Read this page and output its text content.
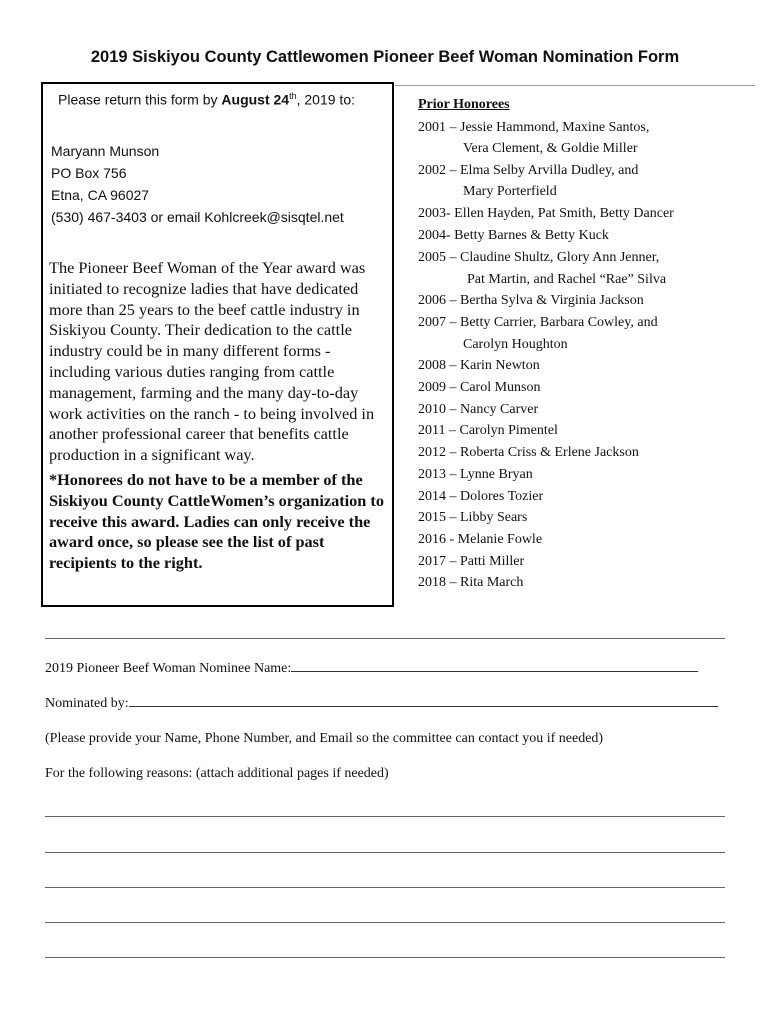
2019 Siskiyou County Cattlewomen Pioneer Beef Woman Nomination Form
Please return this form by August 24th, 2019 to:
Maryann Munson
PO Box 756
Etna, CA 96027
(530) 467-3403 or email Kohlcreek@sisqtel.net
The Pioneer Beef Woman of the Year award was initiated to recognize ladies that have dedicated more than 25 years to the beef cattle industry in Siskiyou County. Their dedication to the cattle industry could be in many different forms - including various duties ranging from cattle management, farming and the many day-to-day work activities on the ranch - to being involved in another professional career that benefits cattle production in a significant way.
*Honorees do not have to be a member of the Siskiyou County CattleWomen’s organization to receive this award. Ladies can only receive the award once, so please see the list of past recipients to the right.
Prior Honorees
2001 – Jessie Hammond, Maxine Santos,
Vera Clement, & Goldie Miller
2002 – Elma Selby Arvilla Dudley, and
Mary Porterfield
2003- Ellen Hayden, Pat Smith, Betty Dancer
2004- Betty Barnes & Betty Kuck
2005 – Claudine Shultz, Glory Ann Jenner,
Pat Martin, and Rachel “Rae” Silva
2006 – Bertha Sylva & Virginia Jackson
2007 – Betty Carrier, Barbara Cowley, and
Carolyn Houghton
2008 – Karin Newton
2009 – Carol Munson
2010 – Nancy Carver
2011 – Carolyn Pimentel
2012 – Roberta Criss & Erlene Jackson
2013 – Lynne Bryan
2014 – Dolores Tozier
2015 – Libby Sears
2016 - Melanie Fowle
2017 – Patti Miller
2018 – Rita March
2019 Pioneer Beef Woman Nominee Name:
Nominated by:
(Please provide your Name, Phone Number, and Email so the committee can contact you if needed)
For the following reasons: (attach additional pages if needed)
